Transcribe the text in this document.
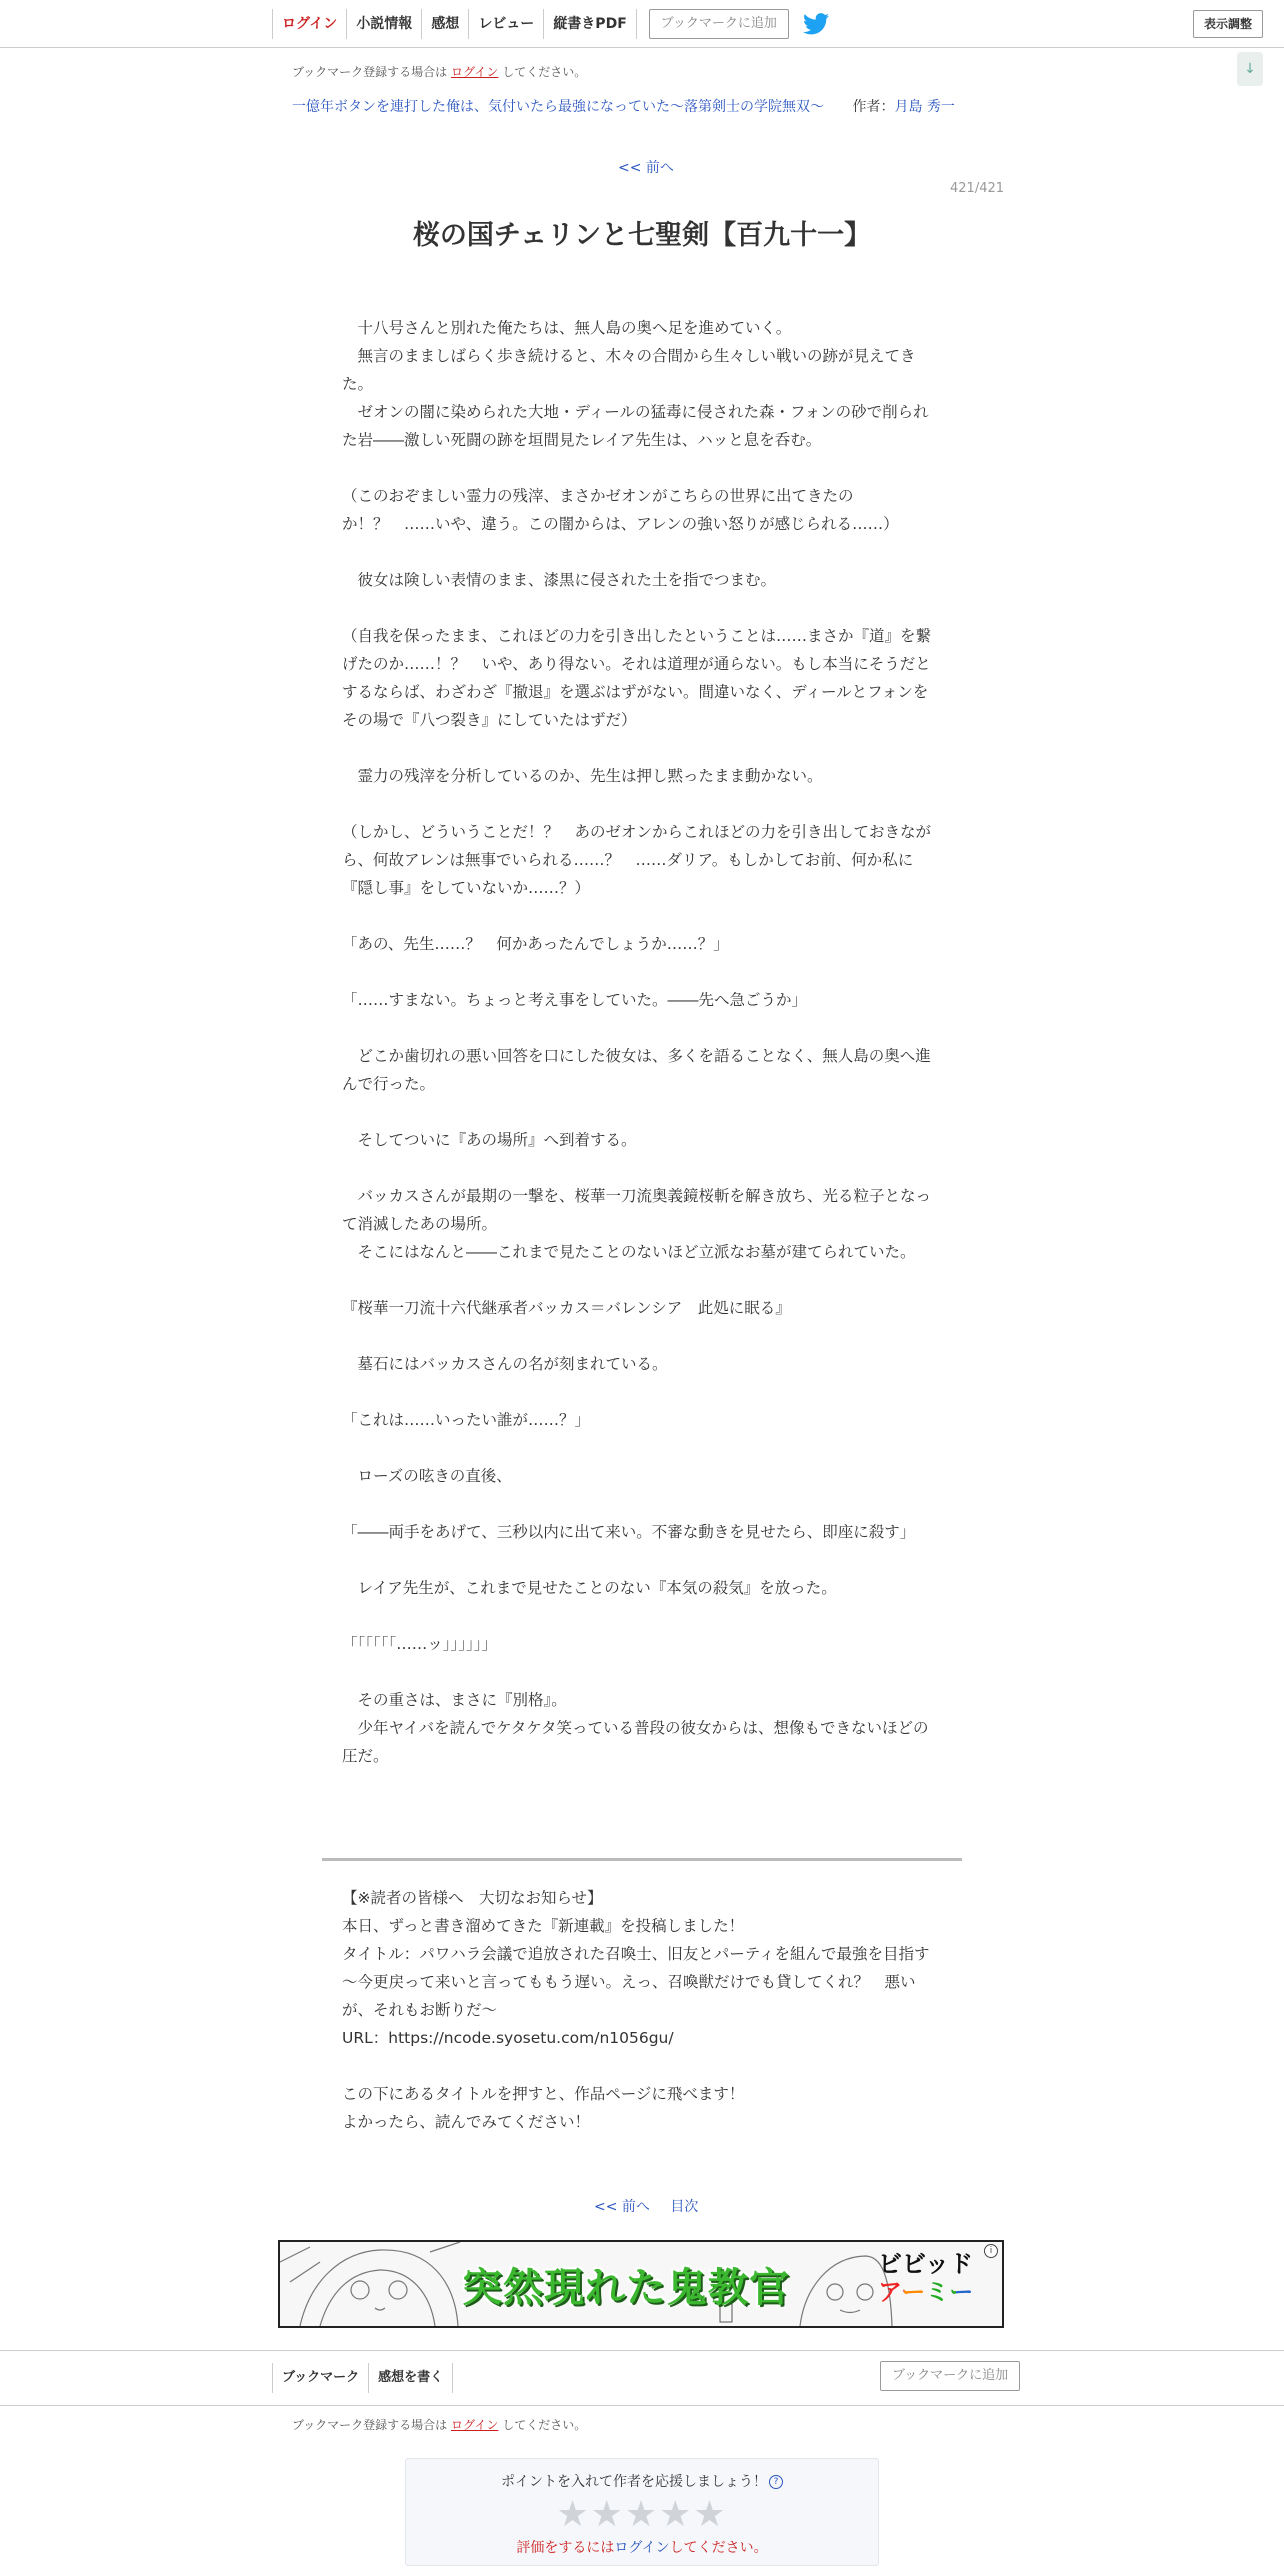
ログイン	小説情報	感想	レビュー	縦書きPDF	ブックマークに追加	表示調整
↓
ブックマーク登録する場合は ログイン してください。
一億年ボタンを連打した俺は、気付いたら最強になっていた～落第剣士の学院無双～ 作者：月島 秀一
<< 前へ
421/421
桜の国チェリンと七聖剣【百九十一】

　十八号さんと別れた俺たちは、無人島の奥へ足を進めていく。

　無言のまましばらく歩き続けると、木々の合間から生々しい戦いの跡が見えてきた。

　ゼオンの闇に染められた大地・ディールの猛毒に侵された森・フォンの砂で削られた岩――激しい死闘の跡を垣間見たレイア先生は、ハッと息を呑む。

（このおぞましい霊力の残滓、まさかゼオンがこちらの世界に出てきたのか！？　……いや、違う。この闇からは、アレンの強い怒りが感じられる……）

　彼女は険しい表情のまま、漆黒に侵された土を指でつまむ。

（自我を保ったまま、これほどの力を引き出したということは……まさか『道』を繋げたのか……！？　いや、あり得ない。それは道理が通らない。もし本当にそうだとするならば、わざわざ『撤退』を選ぶはずがない。間違いなく、ディールとフォンをその場で『八つ裂き』にしていたはずだ）

　霊力の残滓を分析しているのか、先生は押し黙ったまま動かない。

（しかし、どういうことだ！？　あのゼオンからこれほどの力を引き出しておきながら、何故アレンは無事でいられる……？　……ダリア。もしかしてお前、何か私に『隠し事』をしていないか……？）

「あの、先生……？　何かあったんでしょうか……？」

「……すまない。ちょっと考え事をしていた。――先へ急ごうか」

　どこか歯切れの悪い回答を口にした彼女は、多くを語ることなく、無人島の奥へ進んで行った。

　そしてついに『あの場所』へ到着する。

　バッカスさんが最期の一撃を、桜華一刀流奥義鏡桜斬を解き放ち、光る粒子となって消滅したあの場所。

　そこにはなんと――これまで見たことのないほど立派なお墓が建てられていた。

『桜華一刀流十六代継承者バッカス＝バレンシア　此処に眠る』

　墓石にはバッカスさんの名が刻まれている。

「これは……いったい誰が……？」

　ローズの呟きの直後、

「――両手をあげて、三秒以内に出て来い。不審な動きを見せたら、即座に殺す」

　レイア先生が、これまで見せたことのない『本気の殺気』を放った。

「「「「「「……ッ」」」」」」

　その重さは、まさに『別格』。

　少年ヤイバを読んでケタケタ笑っている普段の彼女からは、想像もできないほどの圧だ。

【※読者の皆様へ　大切なお知らせ】

本日、ずっと書き溜めてきた『新連載』を投稿しました！

タイトル：パワハラ会議で追放された召喚士、旧友とパーティを組んで最強を目指す～今更戻って来いと言ってももう遅い。えっ、召喚獣だけでも貸してくれ？　悪いが、それもお断りだ～

URL：https://ncode.syosetu.com/n1056gu/

この下にあるタイトルを押すと、作品ページに飛べます！

よかったら、読んでみてください！

<< 前へ 目次
突然現れた鬼教官
ビビッド
アーミー
i
ブックマーク	感想を書く	ブックマークに追加
ブックマーク登録する場合は ログイン してください。
ポイントを入れて作者を応援しましょう！ ?
★★★★★
評価をするにはログインしてください。
